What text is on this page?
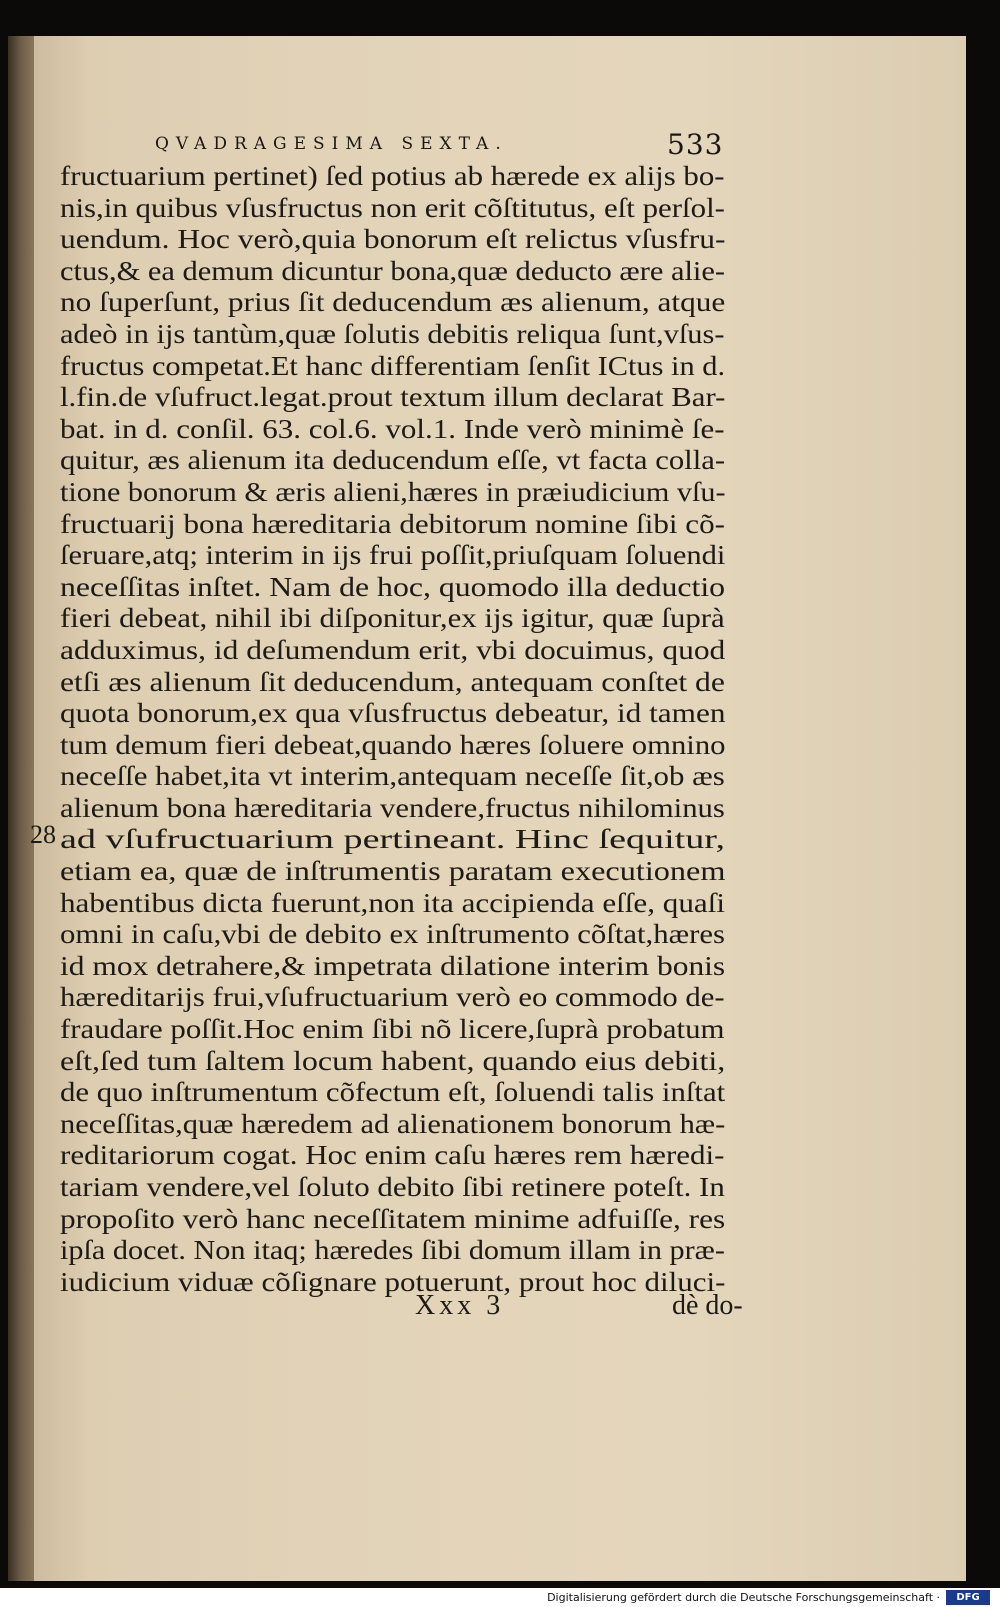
QVADRAGESIMA SEXTA.	533
28
fructuarium pertinet) ſed potius ab hærede ex alijs bo-
nis,in quibus vſusfructus non erit cõſtitutus, eſt perſol-
uendum. Hoc verò,quia bonorum eſt relictus vſusfru-
ctus,& ea demum dicuntur bona,quæ deducto ære alie-
no ſuperſunt, prius ſit deducendum æs alienum, atque
adeò in ijs tantùm,quæ ſolutis debitis reliqua ſunt,vſus-
fructus competat.Et hanc differentiam ſenſit ICtus in d.
l.fin.de vſufruct.legat.prout textum illum declarat Bar-
bat. in d. conſil. 63. col.6. vol.1. Inde verò minimè ſe-
quitur, æs alienum ita deducendum eſſe, vt facta colla-
tione bonorum & æris alieni,hæres in præiudicium vſu-
fructuarij bona hæreditaria debitorum nomine ſibi cõ-
ſeruare,atq; interim in ijs frui poſſit,priuſquam ſoluendi
neceſſitas inſtet. Nam de hoc, quomodo illa deductio
fieri debeat, nihil ibi diſponitur,ex ijs igitur, quæ ſuprà
adduximus, id deſumendum erit, vbi docuimus, quod
etſi æs alienum ſit deducendum, antequam conſtet de
quota bonorum,ex qua vſusfructus debeatur, id tamen
tum demum fieri debeat,quando hæres ſoluere omnino
neceſſe habet,ita vt interim,antequam neceſſe ſit,ob æs
alienum bona hæreditaria vendere,fructus nihilominus
ad vſufructuarium pertineant. Hinc ſequitur,
etiam ea, quæ de inſtrumentis paratam executionem
habentibus dicta fuerunt,non ita accipienda eſſe, quaſi
omni in caſu,vbi de debito ex inſtrumento cõſtat,hæres
id mox detrahere,& impetrata dilatione interim bonis
hæreditarijs frui,vſufructuarium verò eo commodo de-
fraudare poſſit.Hoc enim ſibi nõ licere,ſuprà probatum
eſt,ſed tum ſaltem locum habent, quando eius debiti,
de quo inſtrumentum cõfectum eſt, ſoluendi talis inſtat
neceſſitas,quæ hæredem ad alienationem bonorum hæ-
reditariorum cogat. Hoc enim caſu hæres rem hæredi-
tariam vendere,vel ſoluto debito ſibi retinere poteſt. In
propoſito verò hanc neceſſitatem minime adfuiſſe, res
ipſa docet. Non itaq; hæredes ſibi domum illam in præ-
iudicium viduæ cõſignare potuerunt, prout hoc diluci-
Xxx 3	dè do-
Digitalisierung gefördert durch die Deutsche Forschungsgemeinschaft ·	DFG
